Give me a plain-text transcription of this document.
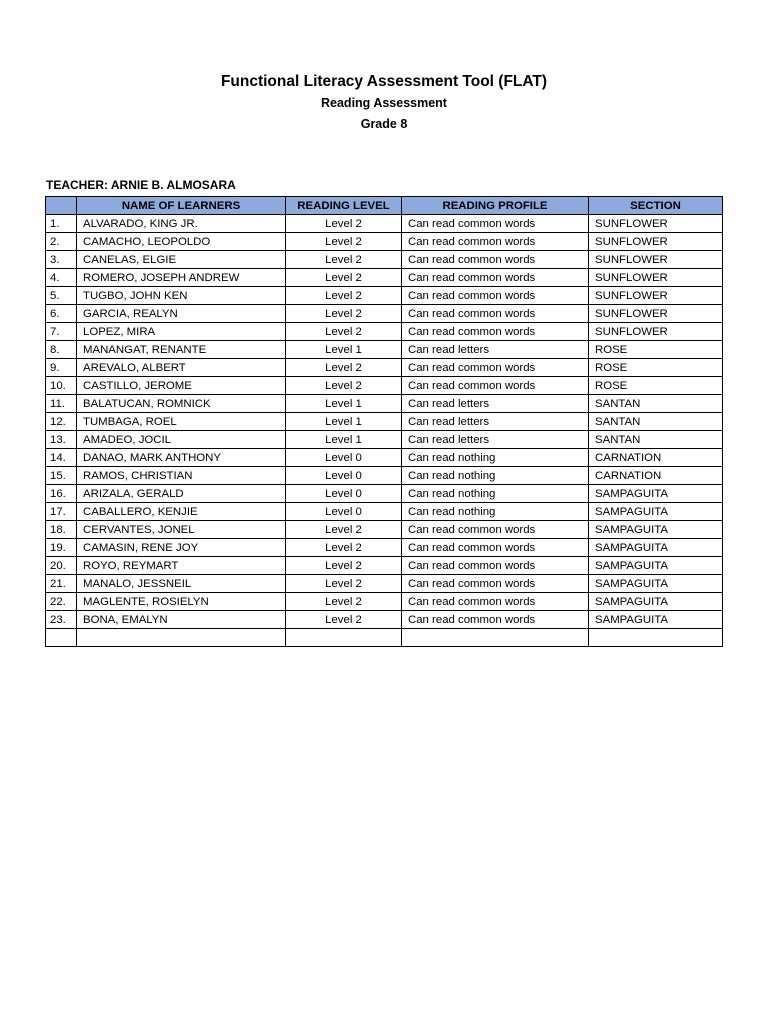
Functional Literacy Assessment Tool (FLAT)
Reading Assessment
Grade 8
TEACHER: ARNIE B. ALMOSARA
	NAME OF LEARNERS	READING LEVEL	READING PROFILE	SECTION
1.	ALVARADO, KING JR.	Level 2	Can read common words	SUNFLOWER
2.	CAMACHO, LEOPOLDO	Level 2	Can read common words	SUNFLOWER
3.	CANELAS, ELGIE	Level 2	Can read common words	SUNFLOWER
4.	ROMERO, JOSEPH ANDREW	Level 2	Can read common words	SUNFLOWER
5.	TUGBO, JOHN KEN	Level 2	Can read common words	SUNFLOWER
6.	GARCIA, REALYN	Level 2	Can read common words	SUNFLOWER
7.	LOPEZ, MIRA	Level 2	Can read common words	SUNFLOWER
8.	MANANGAT, RENANTE	Level 1	Can read letters	ROSE
9.	AREVALO, ALBERT	Level 2	Can read common words	ROSE
10.	CASTILLO, JEROME	Level 2	Can read common words	ROSE
11.	BALATUCAN, ROMNICK	Level 1	Can read letters	SANTAN
12.	TUMBAGA, ROEL	Level 1	Can read letters	SANTAN
13.	AMADEO, JOCIL	Level 1	Can read letters	SANTAN
14.	DANAO, MARK ANTHONY	Level 0	Can read nothing	CARNATION
15.	RAMOS, CHRISTIAN	Level 0	Can read nothing	CARNATION
16.	ARIZALA, GERALD	Level 0	Can read nothing	SAMPAGUITA
17.	CABALLERO, KENJIE	Level 0	Can read nothing	SAMPAGUITA
18.	CERVANTES, JONEL	Level 2	Can read common words	SAMPAGUITA
19.	CAMASIN, RENE JOY	Level 2	Can read common words	SAMPAGUITA
20.	ROYO, REYMART	Level 2	Can read common words	SAMPAGUITA
21.	MANALO, JESSNEIL	Level 2	Can read common words	SAMPAGUITA
22.	MAGLENTE, ROSIELYN	Level 2	Can read common words	SAMPAGUITA
23.	BONA, EMALYN	Level 2	Can read common words	SAMPAGUITA
